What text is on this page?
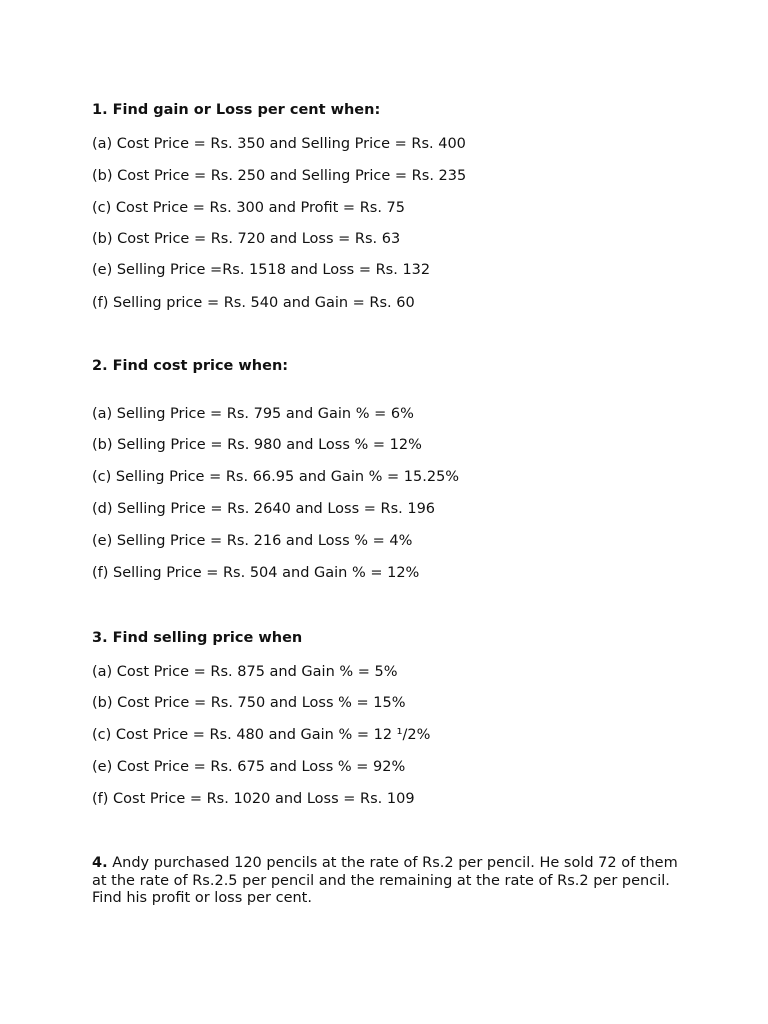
1. Find gain or Loss per cent when:
(a) Cost Price = Rs. 350 and Selling Price = Rs. 400
(b) Cost Price = Rs. 250 and Selling Price = Rs. 235
(c) Cost Price = Rs. 300 and Profit = Rs. 75
(b) Cost Price = Rs. 720 and Loss = Rs. 63
(e) Selling Price =Rs. 1518 and Loss = Rs. 132
(f) Selling price = Rs. 540 and Gain = Rs. 60
2. Find cost price when:
(a) Selling Price = Rs. 795 and Gain % = 6%
(b) Selling Price = Rs. 980 and Loss % = 12%
(c) Selling Price = Rs. 66.95 and Gain % = 15.25%
(d) Selling Price = Rs. 2640 and Loss = Rs. 196
(e) Selling Price = Rs. 216 and Loss % = 4%
(f) Selling Price = Rs. 504 and Gain % = 12%
3. Find selling price when
(a) Cost Price = Rs. 875 and Gain % = 5%
(b) Cost Price = Rs. 750 and Loss % = 15%
(c) Cost Price = Rs. 480 and Gain % = 12 ¹/2%
(e) Cost Price = Rs. 675 and Loss % = 92%
(f) Cost Price = Rs. 1020 and Loss = Rs. 109
4. Andy purchased 120 pencils at the rate of Rs.2 per pencil. He sold 72 of them at the rate of Rs.2.5 per pencil and the remaining at the rate of Rs.2 per pencil. Find his profit or loss per cent.
